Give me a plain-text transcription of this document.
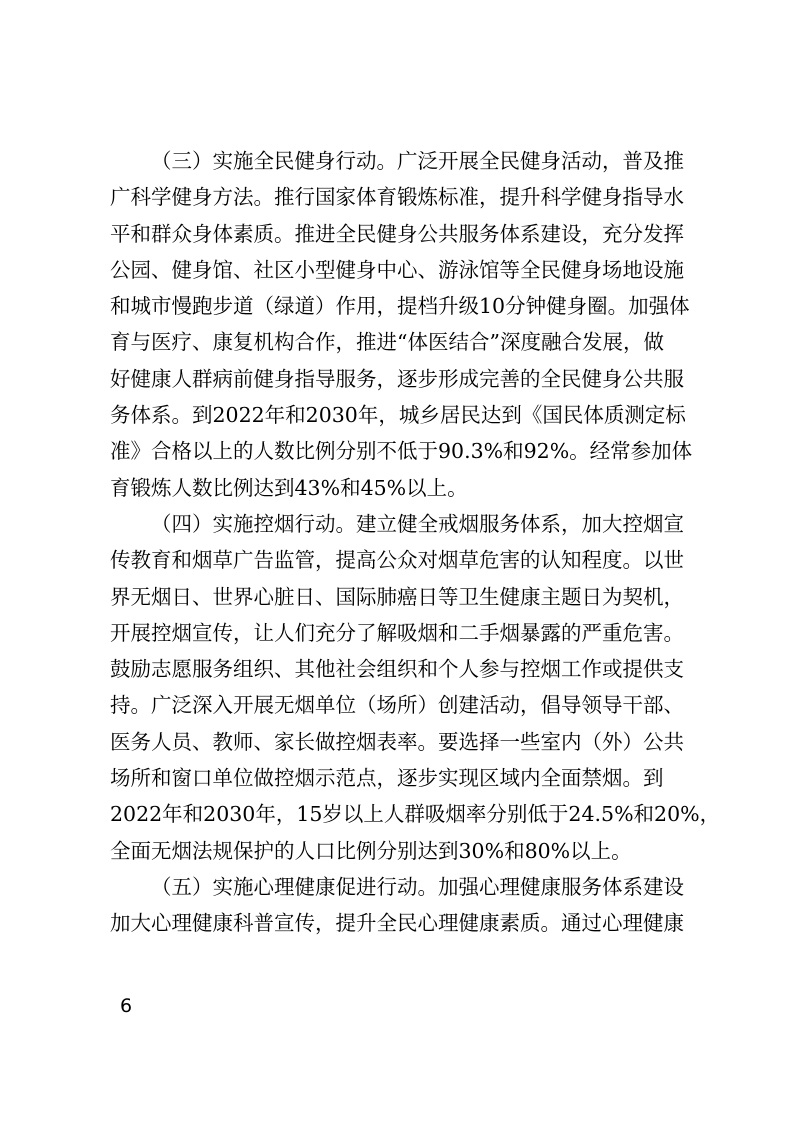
（三）实施全民健身行动。广泛开展全民健身活动，普及推
广科学健身方法。推行国家体育锻炼标准，提升科学健身指导水
平和群众身体素质。推进全民健身公共服务体系建设，充分发挥
公园、健身馆、社区小型健身中心、游泳馆等全民健身场地设施
和城市慢跑步道（绿道）作用，提档升级10分钟健身圈。加强体
育与医疗、康复机构合作，推进“体医结合”深度融合发展，做
好健康人群病前健身指导服务，逐步形成完善的全民健身公共服
务体系。到2022年和2030年，城乡居民达到《国民体质测定标
准》合格以上的人数比例分别不低于90.3%和92%。经常参加体
育锻炼人数比例达到43%和45%以上。
（四）实施控烟行动。建立健全戒烟服务体系，加大控烟宣
传教育和烟草广告监管，提高公众对烟草危害的认知程度。以世
界无烟日、世界心脏日、国际肺癌日等卫生健康主题日为契机，
开展控烟宣传，让人们充分了解吸烟和二手烟暴露的严重危害。
鼓励志愿服务组织、其他社会组织和个人参与控烟工作或提供支
持。广泛深入开展无烟单位（场所）创建活动，倡导领导干部、
医务人员、教师、家长做控烟表率。要选择一些室内（外）公共
场所和窗口单位做控烟示范点，逐步实现区域内全面禁烟。到
2022年和2030年，15岁以上人群吸烟率分别低于24.5%和20%，
全面无烟法规保护的人口比例分别达到30%和80%以上。
（五）实施心理健康促进行动。加强心理健康服务体系建设
加大心理健康科普宣传，提升全民心理健康素质。通过心理健康
6
